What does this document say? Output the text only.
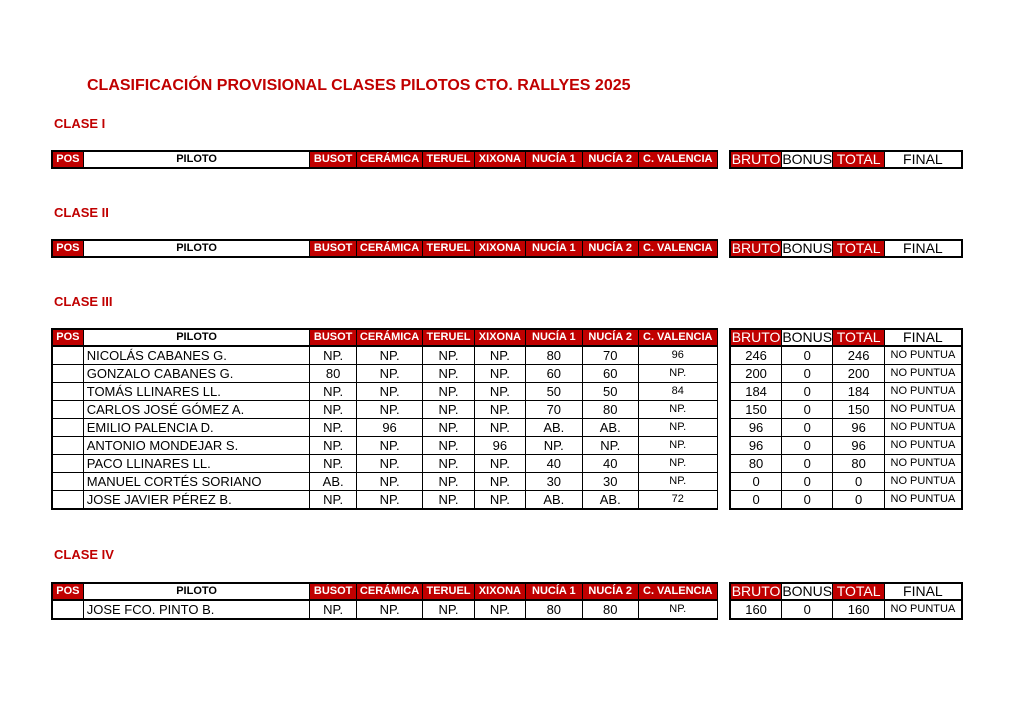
CLASIFICACIÓN PROVISIONAL CLASES PILOTOS CTO. RALLYES 2025
CLASE I
POS	PILOTO	BUSOT	CERÁMICA	TERUEL	XIXONA	NUCÍA 1	NUCÍA 2	C. VALENCIA		BRUTO	BONUS	TOTAL	FINAL
CLASE II
POS	PILOTO	BUSOT	CERÁMICA	TERUEL	XIXONA	NUCÍA 1	NUCÍA 2	C. VALENCIA		BRUTO	BONUS	TOTAL	FINAL
CLASE III
POS	PILOTO	BUSOT	CERÁMICA	TERUEL	XIXONA	NUCÍA 1	NUCÍA 2	C. VALENCIA		BRUTO	BONUS	TOTAL	FINAL
	NICOLÁS CABANES G.	NP.	NP.	NP.	NP.	80	70	96		246	0	246	NO PUNTUA
	GONZALO CABANES G.	80	NP.	NP.	NP.	60	60	NP.		200	0	200	NO PUNTUA
	TOMÁS LLINARES LL.	NP.	NP.	NP.	NP.	50	50	84		184	0	184	NO PUNTUA
	CARLOS JOSÉ GÓMEZ A.	NP.	NP.	NP.	NP.	70	80	NP.		150	0	150	NO PUNTUA
	EMILIO PALENCIA D.	NP.	96	NP.	NP.	AB.	AB.	NP.		96	0	96	NO PUNTUA
	ANTONIO MONDEJAR S.	NP.	NP.	NP.	96	NP.	NP.	NP.		96	0	96	NO PUNTUA
	PACO LLINARES LL.	NP.	NP.	NP.	NP.	40	40	NP.		80	0	80	NO PUNTUA
	MANUEL CORTÉS SORIANO	AB.	NP.	NP.	NP.	30	30	NP.		0	0	0	NO PUNTUA
	JOSE JAVIER PÉREZ B.	NP.	NP.	NP.	NP.	AB.	AB.	72		0	0	0	NO PUNTUA
CLASE IV
POS	PILOTO	BUSOT	CERÁMICA	TERUEL	XIXONA	NUCÍA 1	NUCÍA 2	C. VALENCIA		BRUTO	BONUS	TOTAL	FINAL
	JOSE FCO. PINTO B.	NP.	NP.	NP.	NP.	80	80	NP.		160	0	160	NO PUNTUA
